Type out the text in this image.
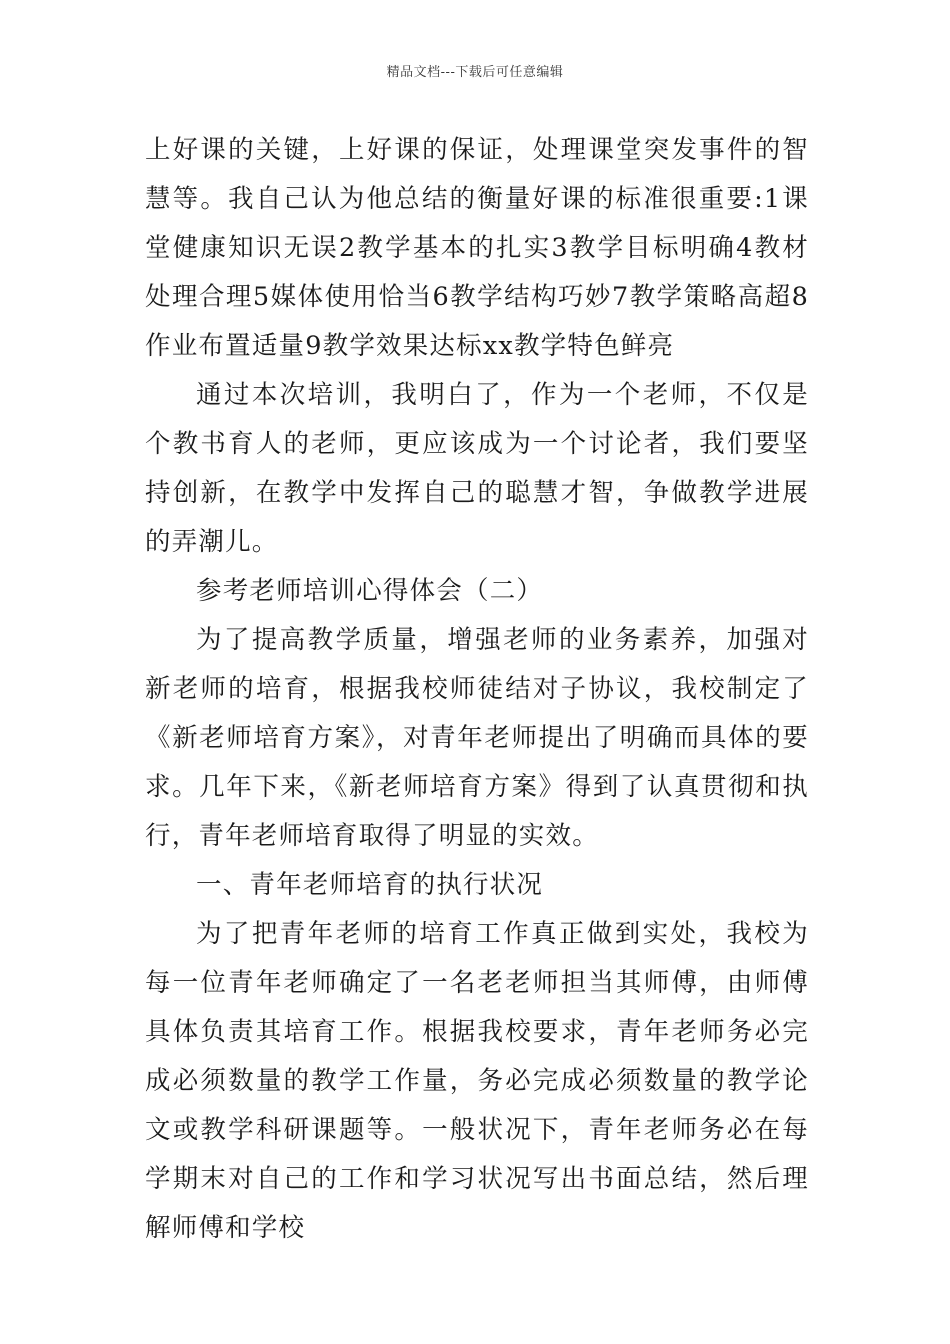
精品文档---下载后可任意编辑

上好课的关键，上好课的保证，处理课堂突发事件的智慧等。我自己认为他总结的衡量好课的标准很重要:1课堂健康知识无误2教学基本的扎实3教学目标明确4教材处理合理5媒体使用恰当6教学结构巧妙7教学策略高超8作业布置适量9教学效果达标xx教学特色鲜亮

通过本次培训，我明白了，作为一个老师，不仅是个教书育人的老师，更应该成为一个讨论者，我们要坚持创新，在教学中发挥自己的聪慧才智，争做教学进展的弄潮儿。

参考老师培训心得体会（二）

为了提高教学质量，增强老师的业务素养，加强对新老师的培育，根据我校师徒结对子协议，我校制定了《新老师培育方案》，对青年老师提出了明确而具体的要求。几年下来，《新老师培育方案》得到了认真贯彻和执行，青年老师培育取得了明显的实效。

一、青年老师培育的执行状况

为了把青年老师的培育工作真正做到实处，我校为每一位青年老师确定了一名老老师担当其师傅，由师傅具体负责其培育工作。根据我校要求，青年老师务必完成必须数量的教学工作量，务必完成必须数量的教学论文或教学科研课题等。一般状况下，青年老师务必在每学期末对自己的工作和学习状况写出书面总结，然后理解师傅和学校
